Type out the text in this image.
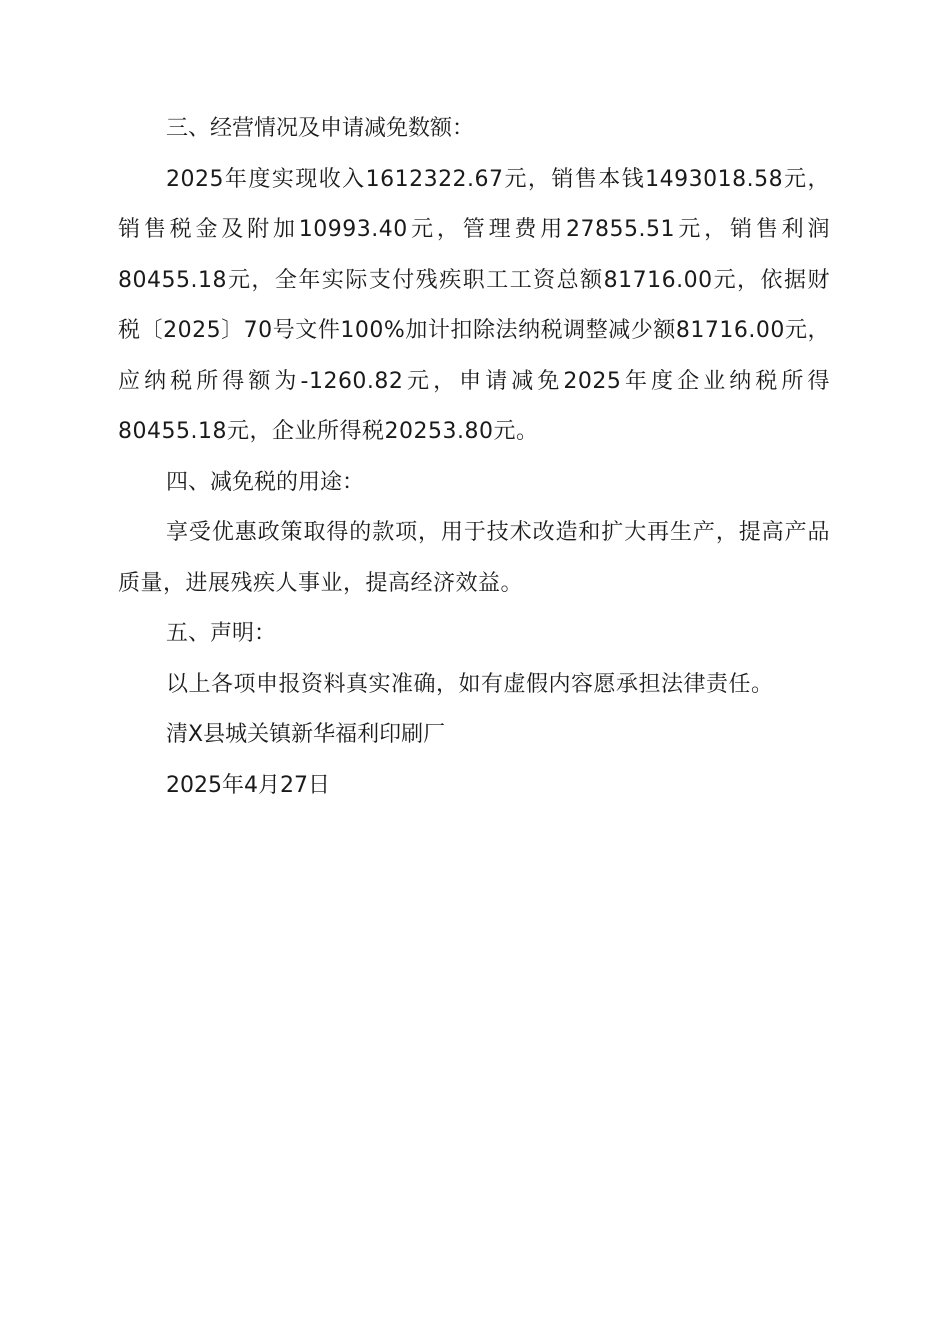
三、经营情况及申请减免数额：

2025年度实现收入1612322.67元，销售本钱1493018.58元，销售税金及附加10993.40元，管理费用27855.51元，销售利润80455.18元，全年实际支付残疾职工工资总额81716.00元，依据财税〔2025〕70号文件100%加计扣除法纳税调整减少额81716.00元，应纳税所得额为-1260.82元，申请减免2025年度企业纳税所得80455.18元，企业所得税20253.80元。

四、减免税的用途：

享受优惠政策取得的款项，用于技术改造和扩大再生产，提高产品质量，进展残疾人事业，提高经济效益。

五、声明：

以上各项申报资料真实准确，如有虚假内容愿承担法律责任。

清X县城关镇新华福利印刷厂

2025年4月27日
